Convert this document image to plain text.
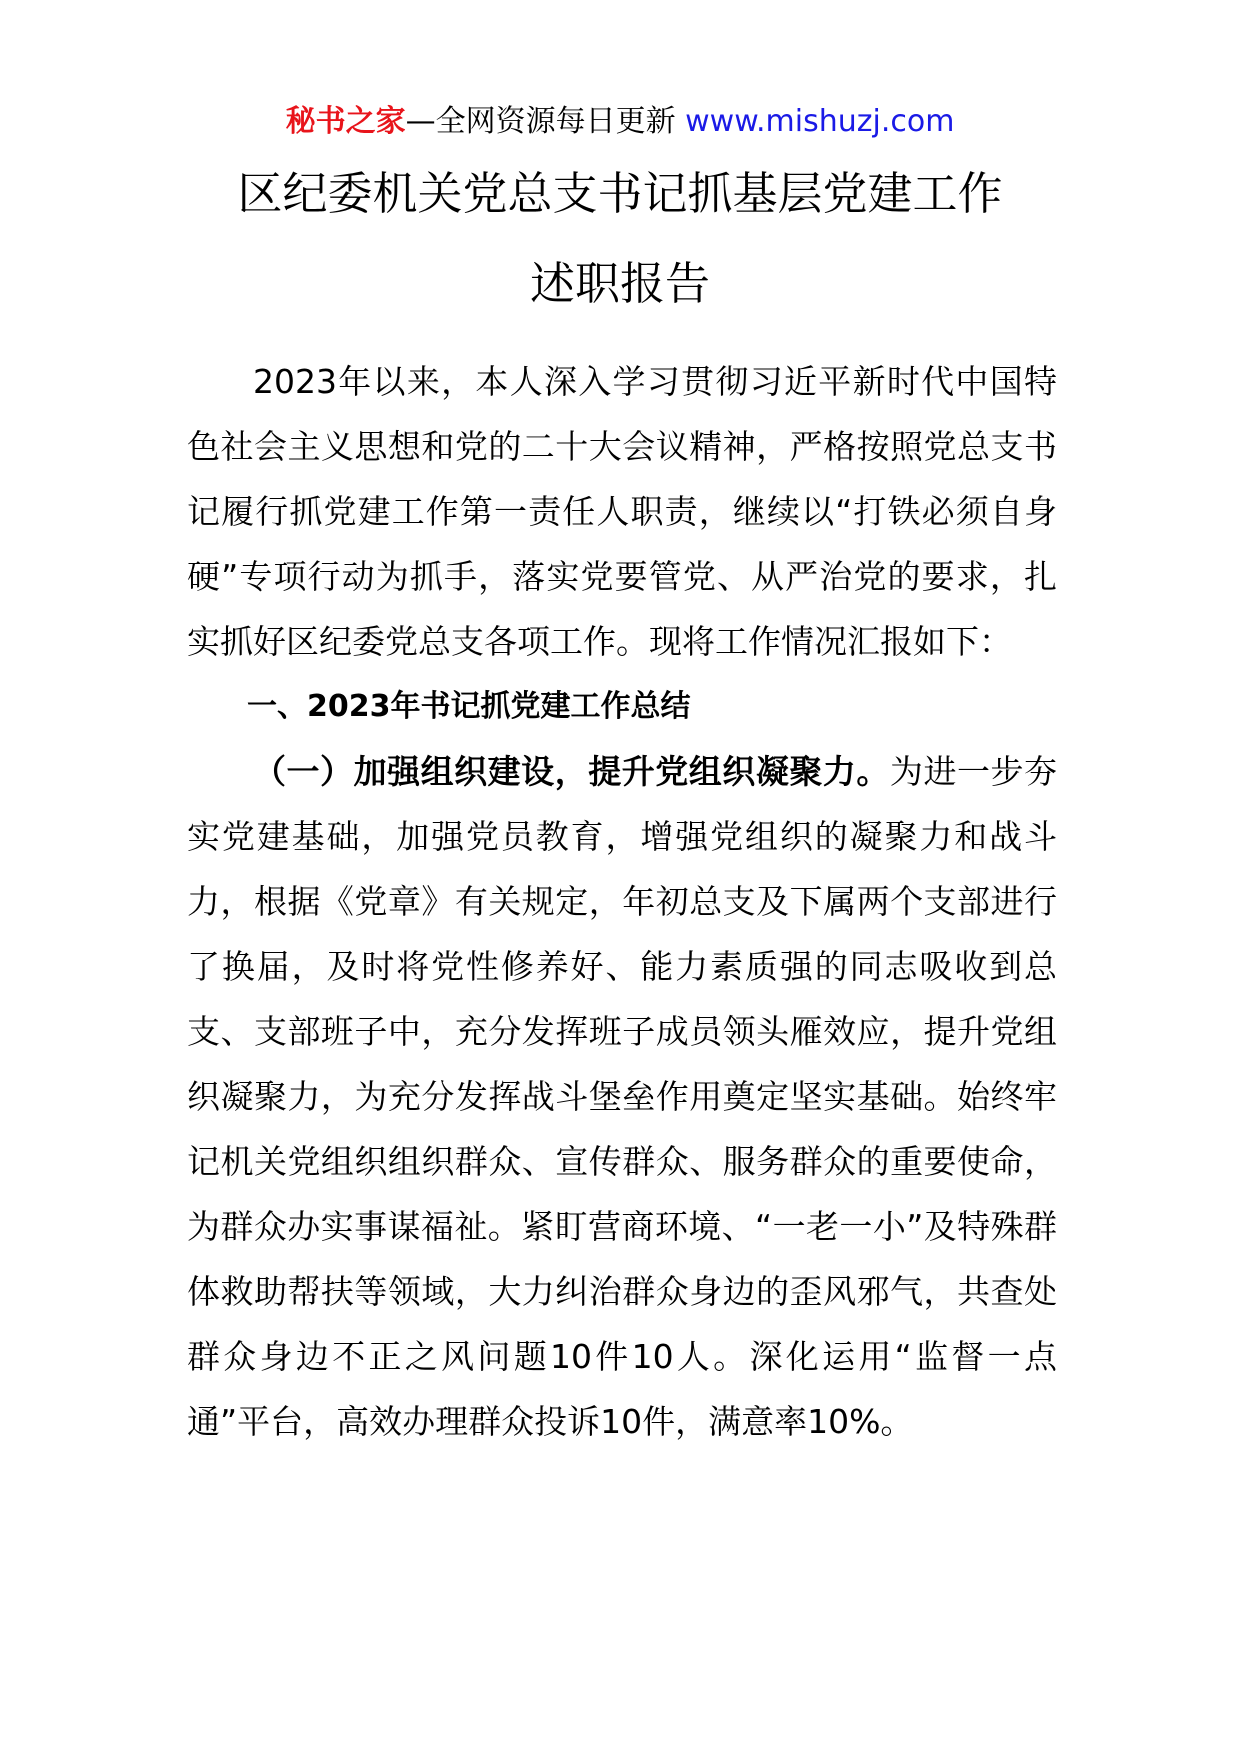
秘书之家—全网资源每日更新 www.mishuzj.com
区纪委机关党总支书记抓基层党建工作
述职报告

2023年以来，本人深入学习贯彻习近平新时代中国特色社会主义思想和党的二十大会议精神，严格按照党总支书记履行抓党建工作第一责任人职责，继续以“打铁必须自身硬”专项行动为抓手，落实党要管党、从严治党的要求，扎实抓好区纪委党总支各项工作。现将工作情况汇报如下：

一、2023年书记抓党建工作总结

（一）加强组织建设，提升党组织凝聚力。为进一步夯实党建基础，加强党员教育，增强党组织的凝聚力和战斗力，根据《党章》有关规定，年初总支及下属两个支部进行了换届，及时将党性修养好、能力素质强的同志吸收到总支、支部班子中，充分发挥班子成员领头雁效应，提升党组织凝聚力，为充分发挥战斗堡垒作用奠定坚实基础。始终牢记机关党组织组织群众、宣传群众、服务群众的重要使命，为群众办实事谋福祉。紧盯营商环境、“一老一小”及特殊群体救助帮扶等领域，大力纠治群众身边的歪风邪气，共查处群众身边不正之风问题10件10人。深化运用“监督一点通”平台，高效办理群众投诉10件，满意率10%。
